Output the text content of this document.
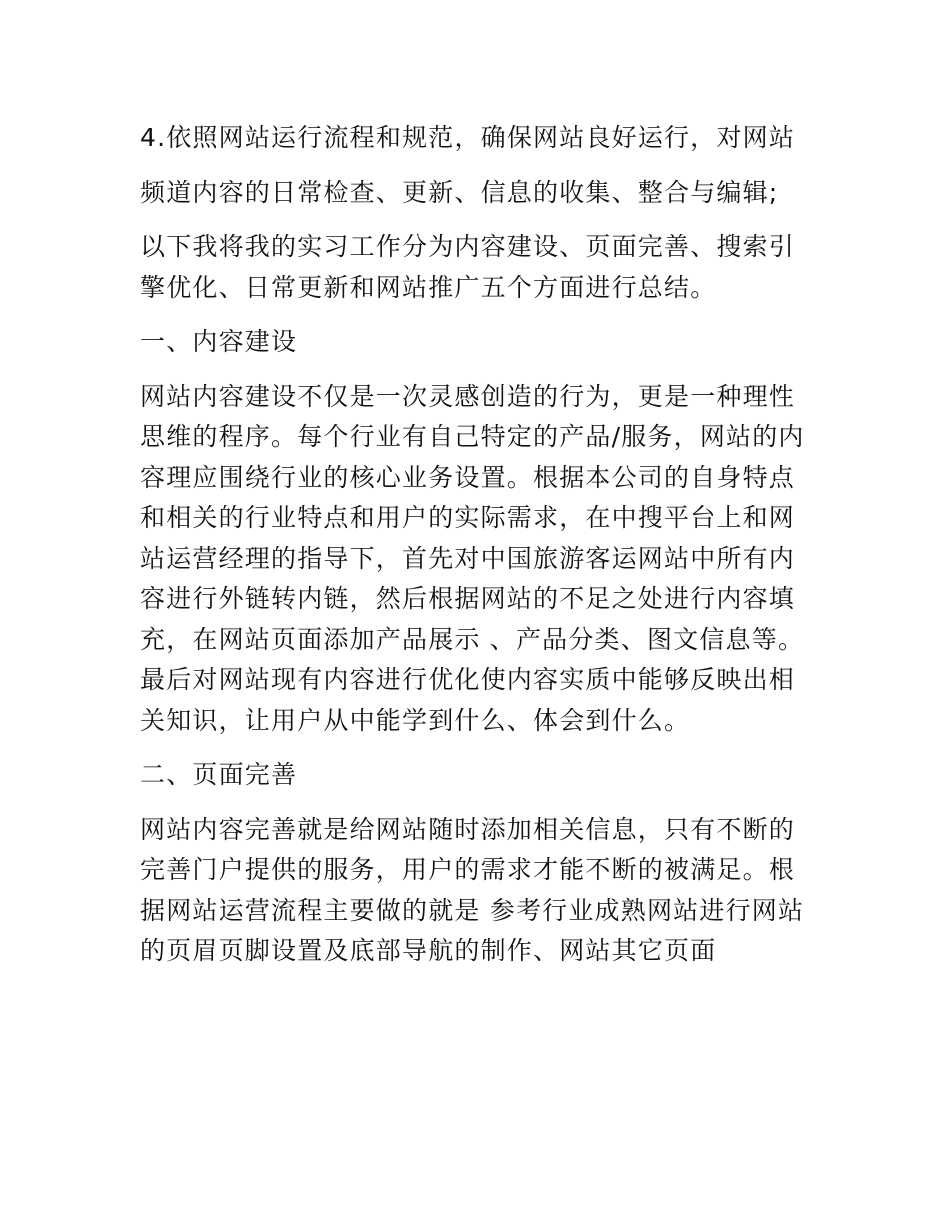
4.依照网站运行流程和规范，确保网站良好运行，对网站

频道内容的日常检查、更新、信息的收集、整合与编辑;

以下我将我的实习工作分为内容建设、页面完善、搜索引擎优化、日常更新和网站推广五个方面进行总结。

一、内容建设

网站内容建设不仅是一次灵感创造的行为，更是一种理性思维的程序。每个行业有自己特定的产品/服务，网站的内容理应围绕行业的核心业务设置。根据本公司的自身特点和相关的行业特点和用户的实际需求，在中搜平台上和网站运营经理的指导下，首先对中国旅游客运网站中所有内容进行外链转内链，然后根据网站的不足之处进行内容填充，在网站页面添加产品展示 、产品分类、图文信息等。最后对网站现有内容进行优化使内容实质中能够反映出相关知识，让用户从中能学到什么、体会到什么。

二、页面完善

网站内容完善就是给网站随时添加相关信息，只有不断的完善门户提供的服务，用户的需求才能不断的被满足。根据网站运营流程主要做的就是 参考行业成熟网站进行网站的页眉页脚设置及底部导航的制作、网站其它页面
